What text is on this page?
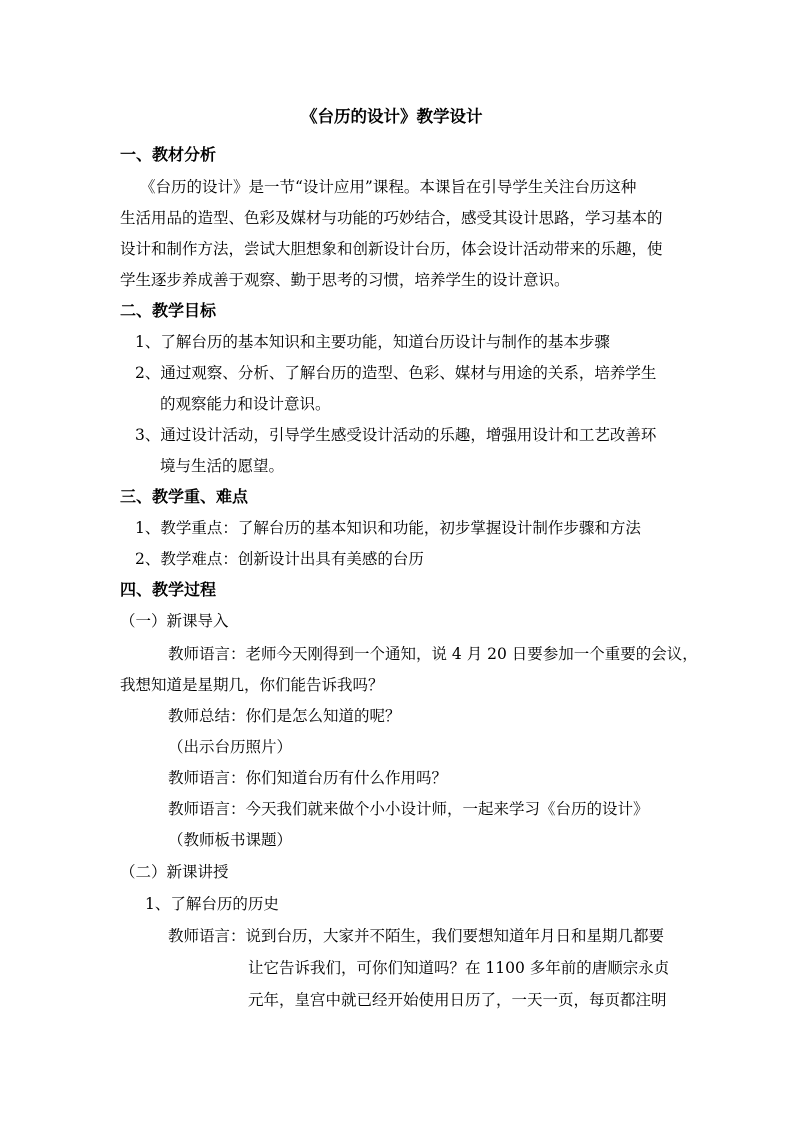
《台历的设计》教学设计
一、教材分析
《台历的设计》是一节“设计应用”课程。本课旨在引导学生关注台历这种
生活用品的造型、色彩及媒材与功能的巧妙结合，感受其设计思路，学习基本的
设计和制作方法，尝试大胆想象和创新设计台历，体会设计活动带来的乐趣，使
学生逐步养成善于观察、勤于思考的习惯，培养学生的设计意识。
二、教学目标
1、了解台历的基本知识和主要功能，知道台历设计与制作的基本步骤
2、通过观察、分析、了解台历的造型、色彩、媒材与用途的关系，培养学生
的观察能力和设计意识。
3、通过设计活动，引导学生感受设计活动的乐趣，增强用设计和工艺改善环
境与生活的愿望。
三、教学重、难点
1、教学重点：了解台历的基本知识和功能，初步掌握设计制作步骤和方法
2、教学难点：创新设计出具有美感的台历
四、教学过程
（一）新课导入
教师语言：老师今天刚得到一个通知，说 4 月 20 日要参加一个重要的会议，
我想知道是星期几，你们能告诉我吗？
教师总结：你们是怎么知道的呢？
（出示台历照片）
教师语言：你们知道台历有什么作用吗？
教师语言：今天我们就来做个小小设计师，一起来学习《台历的设计》
（教师板书课题）
（二）新课讲授
1、了解台历的历史
教师语言：说到台历，大家并不陌生，我们要想知道年月日和星期几都要
让它告诉我们，可你们知道吗？在 1100 多年前的唐顺宗永贞
元年，皇宫中就已经开始使用日历了，一天一页，每页都注明
